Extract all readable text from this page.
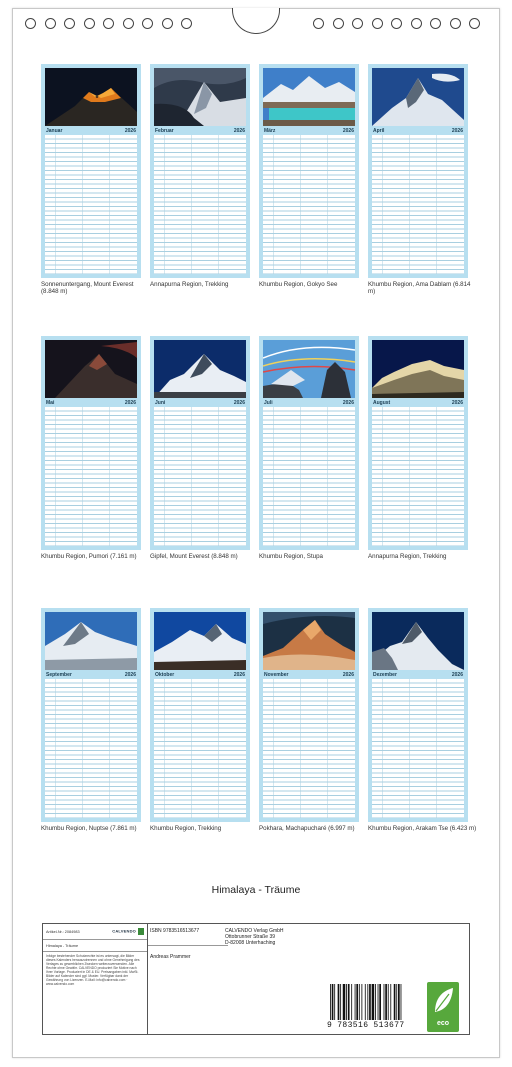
Januar	2026
Sonnenuntergang, Mount Everest (8.848 m)
Februar	2026
Annapurna Region, Trekking
März	2026
Khumbu Region, Gokyo See
April	2026
Khumbu Region, Ama Dablam (6.814 m)
Mai	2026
Khumbu Region, Pumori (7.161 m)
Juni	2026
Gipfel, Mount Everest (8.848 m)
Juli	2026
Khumbu Region, Stupa
August	2026
Annapurna Region, Trekking
September	2026
Khumbu Region, Nuptse (7.861 m)
Oktober	2026
Khumbu Region, Trekking
November	2026
Pokhara, Machapucharé (6.997 m)
Dezember	2026
Khumbu Region, Arakam Tse (6.423 m)
Himalaya - Träume
Artikel-Nr.: 2084983	CALVENDO
Himalaya - Träume
Infolge bestehender Schutzrechte ist es untersagt, die Bilder dieses Kalenders herauszutrennen und ohne Genehmigung des Verlages zu gewerblichen Zwecken weiterzuverwenden. Alle Rechte ohne Gewähr. CALVENDO produziert Sie Motive nach Ihrer Vorlage. Produziert in DE & EU. Preisangaben inkl. MwSt. Bilder auf Kalender sind ggf. Muster. Verfügbar dank der Gewährung von Lizenzen. E-Mail: info@calvendo.com · www.calvendo.com
ISBN 9783516513677
Andreas Prammer
CALVENDO Verlag GmbH
Ottobrunner Straße 39
D-82008 Unterhaching
9 783516 513677	eco
